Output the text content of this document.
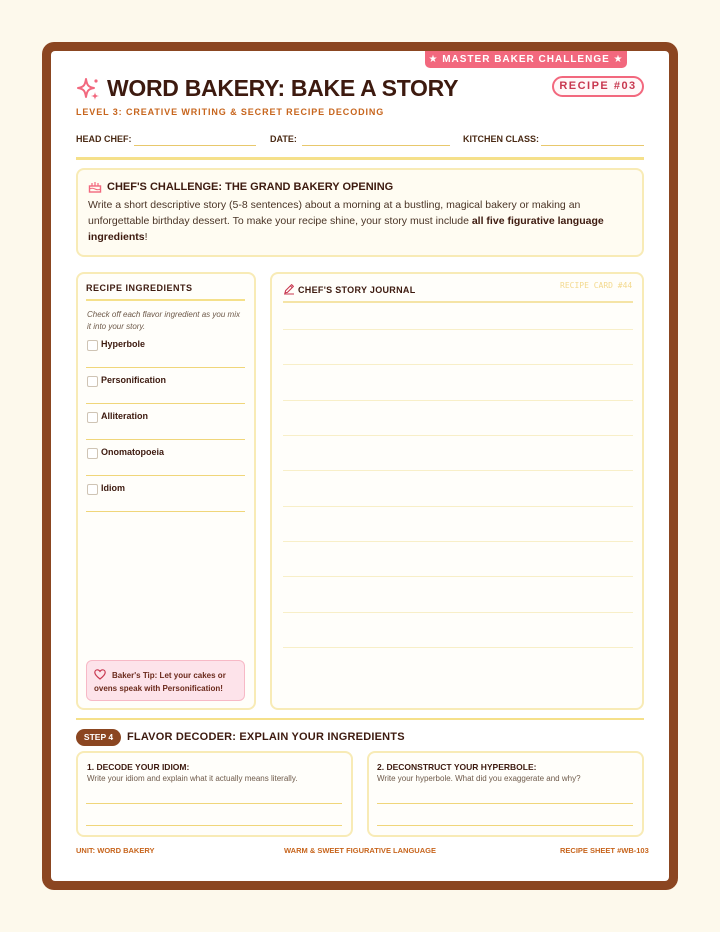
★ MASTER BAKER CHALLENGE ★
WORD BAKERY: BAKE A STORY
LEVEL 3: CREATIVE WRITING & SECRET RECIPE DECODING
RECIPE #03
HEAD CHEF:	DATE:	KITCHEN CLASS:
CHEF'S CHALLENGE: THE GRAND BAKERY OPENING
Write a short descriptive story (5-8 sentences) about a morning at a bustling, magical bakery or making an unforgettable birthday dessert. To make your recipe shine, your story must include all five figurative language ingredients!
RECIPE INGREDIENTS
Check off each flavor ingredient as you mix it into your story.
Hyperbole
Personification
Alliteration
Onomatopoeia
Idiom
Baker's Tip: Let your cakes or ovens speak with Personification!
CHEF'S STORY JOURNAL	RECIPE CARD #44
STEP 4	FLAVOR DECODER: EXPLAIN YOUR INGREDIENTS
1. DECODE YOUR IDIOM:
Write your idiom and explain what it actually means literally.
2. DECONSTRUCT YOUR HYPERBOLE:
Write your hyperbole. What did you exaggerate and why?
UNIT: WORD BAKERY	WARM & SWEET FIGURATIVE LANGUAGE	RECIPE SHEET #WB-103
